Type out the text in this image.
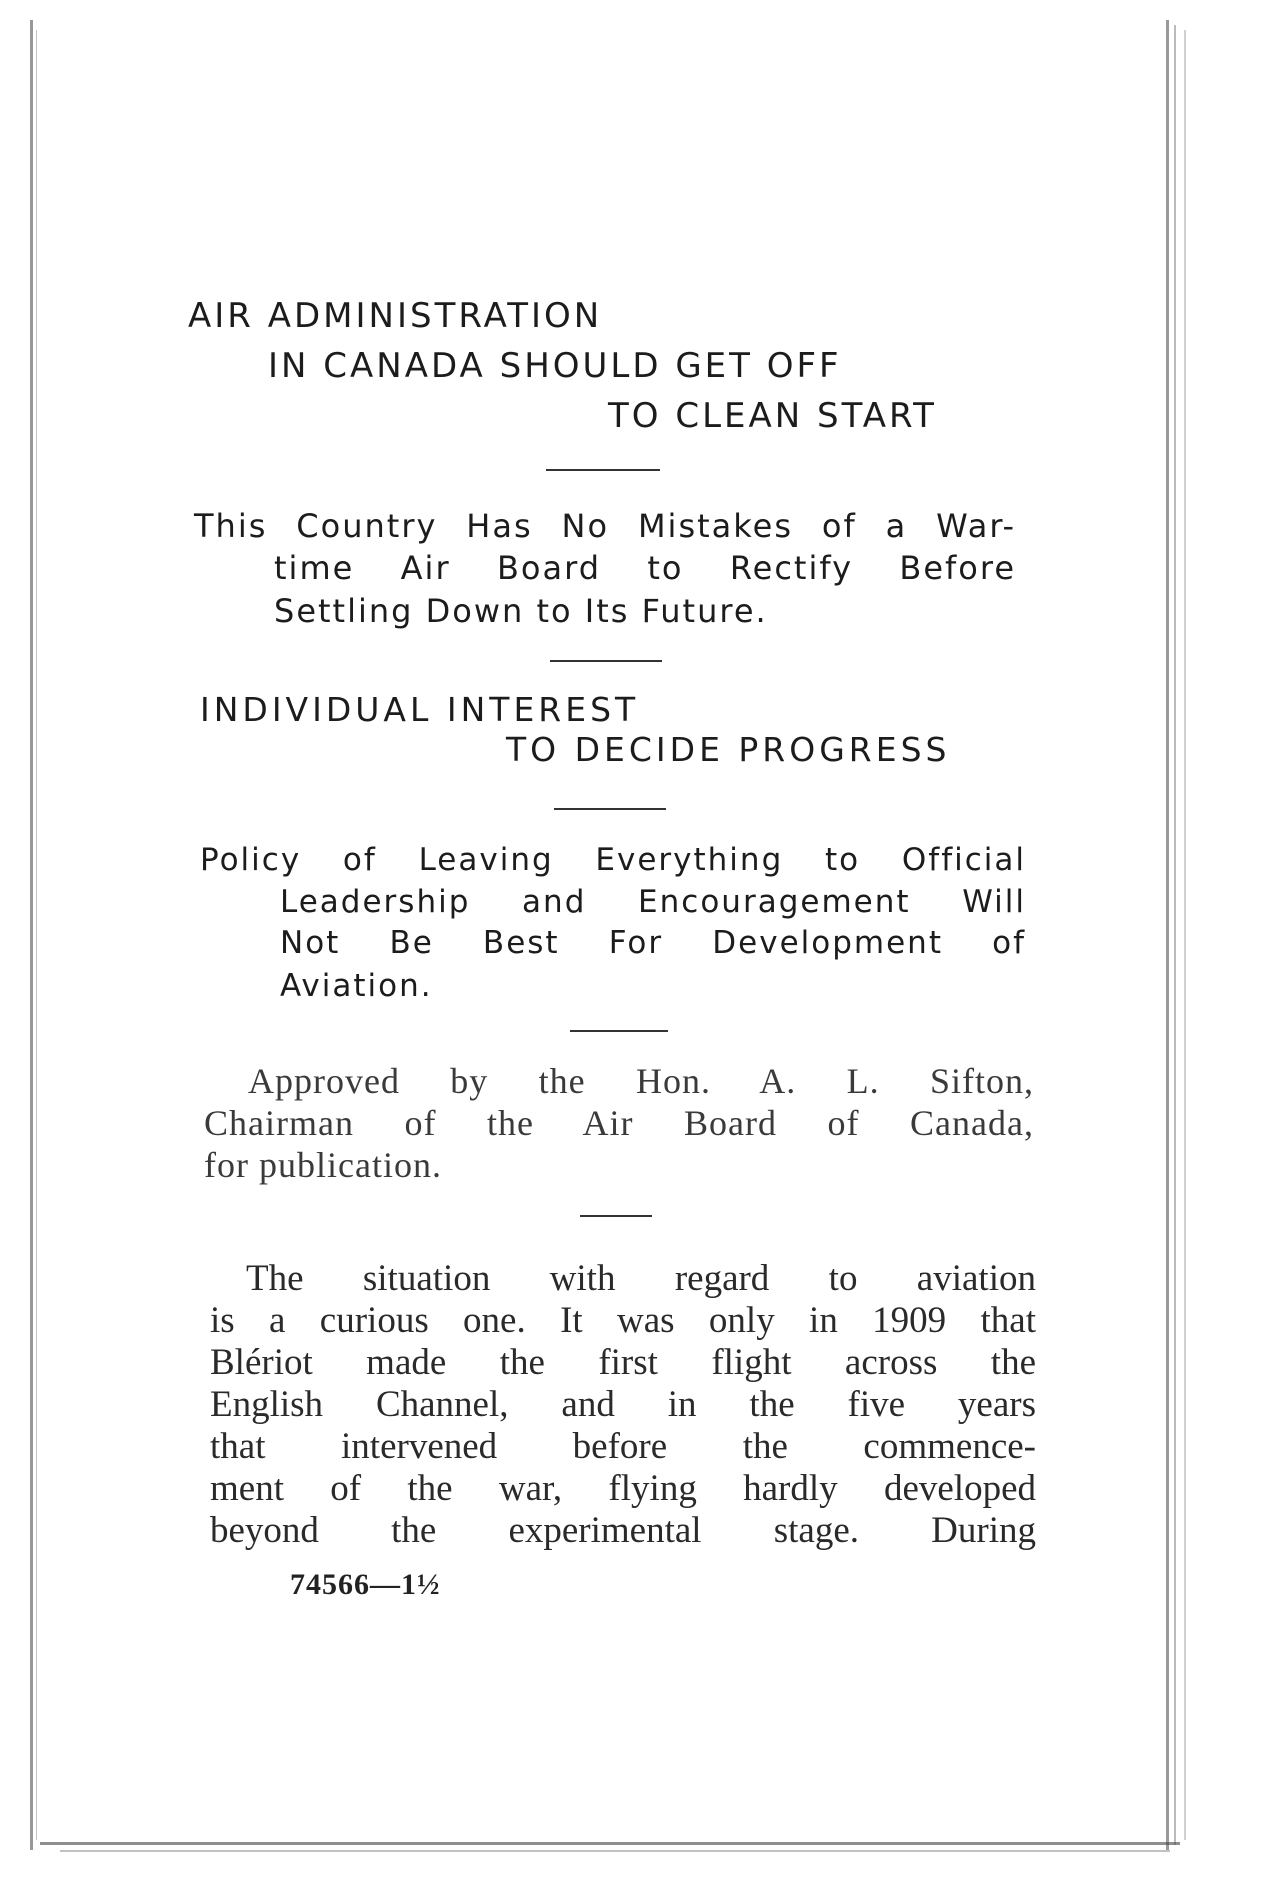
AIR ADMINISTRATION
IN CANADA SHOULD GET OFF
TO CLEAN START
This Country Has No Mistakes of a War-
time Air Board to Rectify Before
Settling Down to Its Future.
INDIVIDUAL INTEREST
TO DECIDE PROGRESS
Policy of Leaving Everything to Official
Leadership and Encouragement Will
Not Be Best For Development of
Aviation.
Approved by the Hon. A. L. Sifton,
Chairman of the Air Board of Canada,
for publication.
The situation with regard to aviation
is a curious one. It was only in 1909 that
Blériot made the first flight across the
English Channel, and in the five years
that intervened before the commence-
ment of the war, flying hardly developed
beyond the experimental stage. During
74566—1½
